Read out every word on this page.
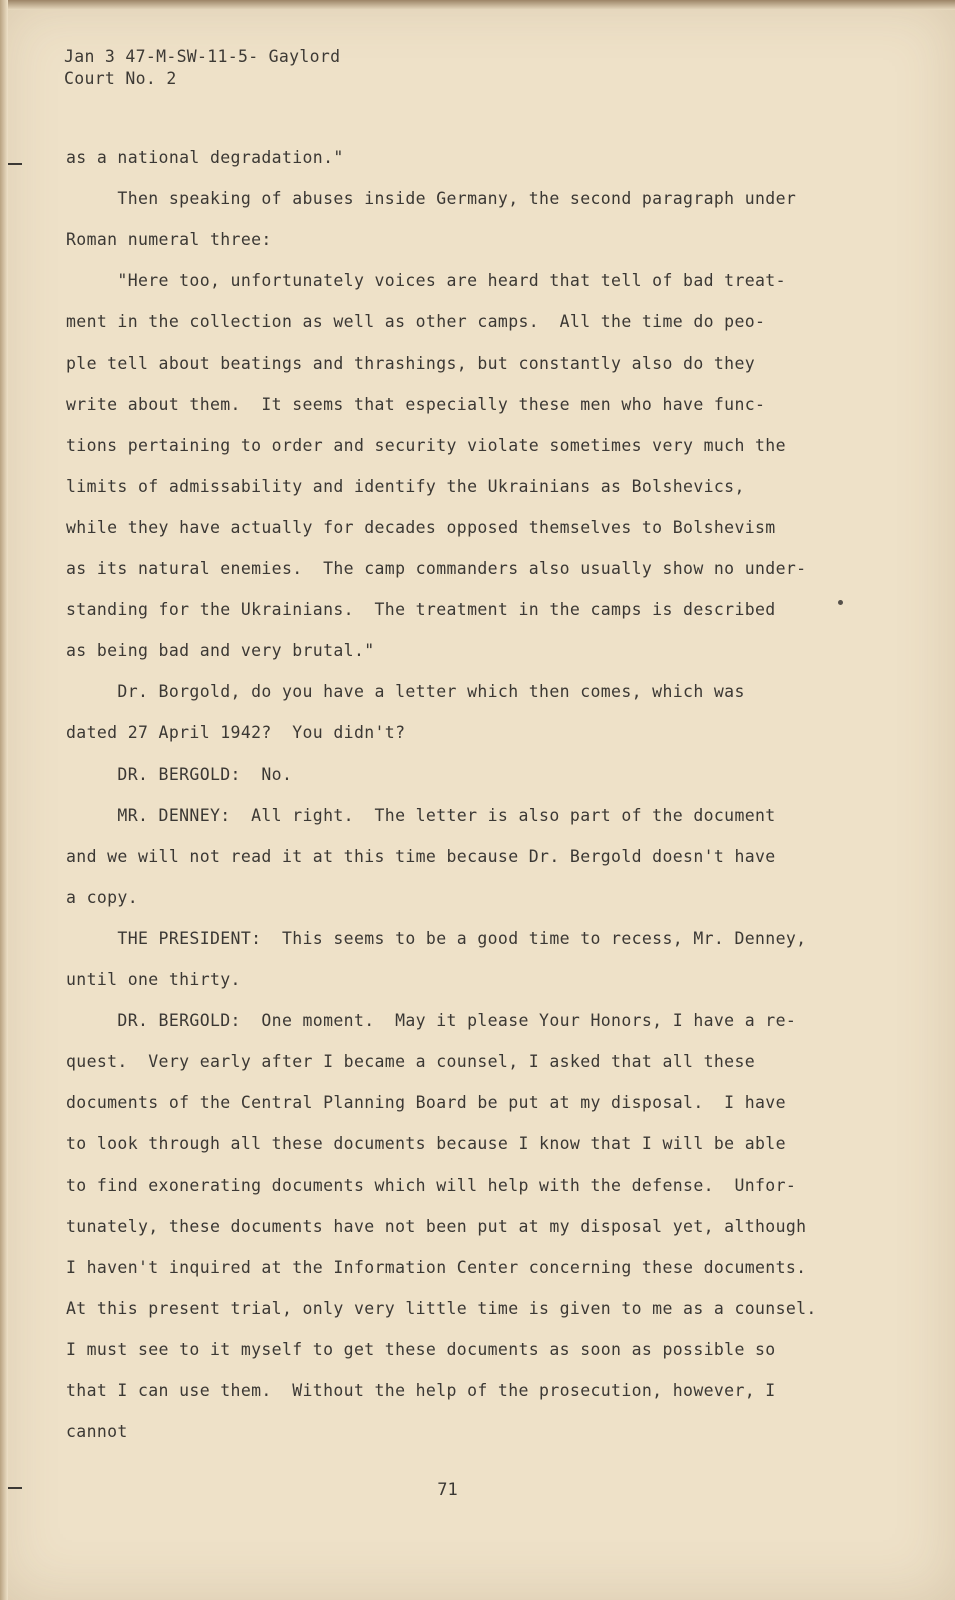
Jan 3 47-M-SW-11-5- Gaylord
Court No. 2
as a national degradation."
Then speaking of abuses inside Germany, the second paragraph under
Roman numeral three:
"Here too, unfortunately voices are heard that tell of bad treat-
ment in the collection as well as other camps.  All the time do peo-
ple tell about beatings and thrashings, but constantly also do they
write about them.  It seems that especially these men who have func-
tions pertaining to order and security violate sometimes very much the
limits of admissability and identify the Ukrainians as Bolshevics,
while they have actually for decades opposed themselves to Bolshevism
as its natural enemies.  The camp commanders also usually show no under-
standing for the Ukrainians.  The treatment in the camps is described
as being bad and very brutal."
Dr. Borgold, do you have a letter which then comes, which was
dated 27 April 1942?  You didn't?
DR. BERGOLD:  No.
MR. DENNEY:  All right.  The letter is also part of the document
and we will not read it at this time because Dr. Bergold doesn't have
a copy.
THE PRESIDENT:  This seems to be a good time to recess, Mr. Denney,
until one thirty.
DR. BERGOLD:  One moment.  May it please Your Honors, I have a re-
quest.  Very early after I became a counsel, I asked that all these
documents of the Central Planning Board be put at my disposal.  I have
to look through all these documents because I know that I will be able
to find exonerating documents which will help with the defense.  Unfor-
tunately, these documents have not been put at my disposal yet, although
I haven't inquired at the Information Center concerning these documents.
At this present trial, only very little time is given to me as a counsel.
I must see to it myself to get these documents as soon as possible so
that I can use them.  Without the help of the prosecution, however, I
cannot
71
